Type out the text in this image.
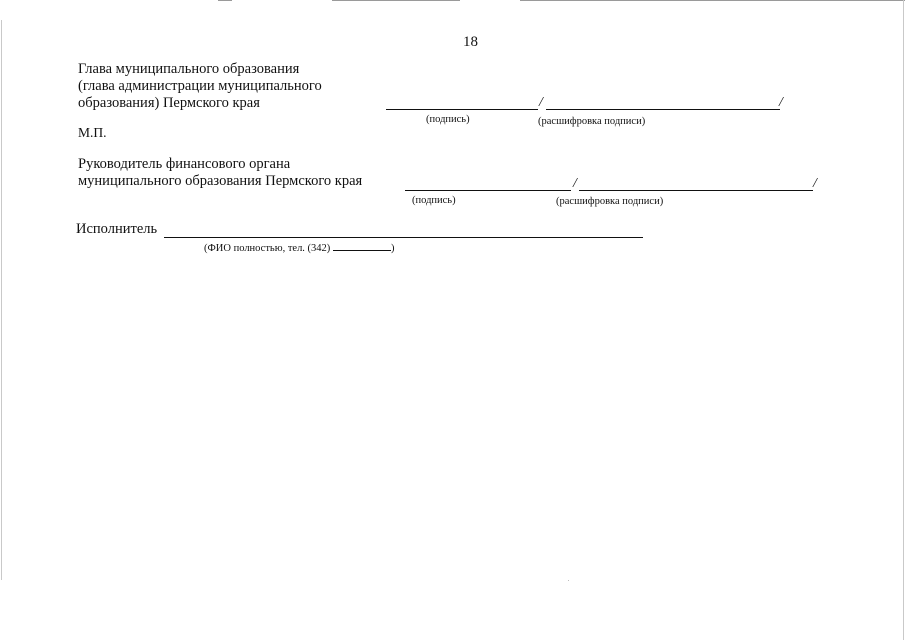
18
Глава муниципального образования
(глава администрации муниципального
образования) Пермского края	/	/
(подпись)	(расшифровка подписи)
М.П.
Руководитель финансового органа
муниципального образования Пермского края	/	/
(подпись)	(расшифровка подписи)
Исполнитель
(ФИО полностью, тел. (342)	)
